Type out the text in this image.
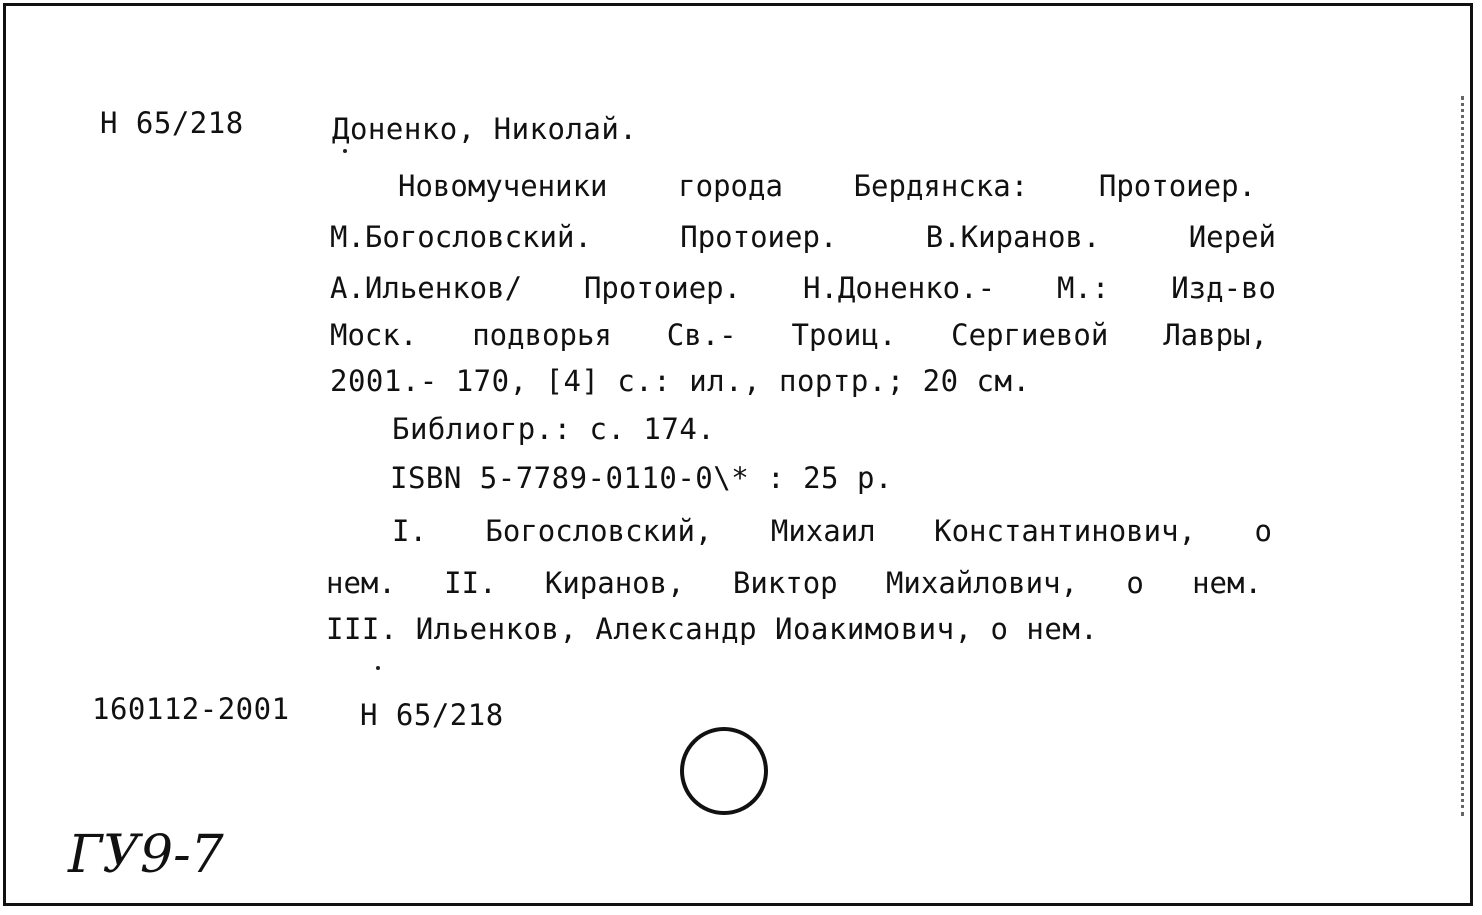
Н 65/218	Доненко, Николай.
Новомученики города Бердянска: Протоиер.
М.Богословский.	Протоиер.	В.Киранов.	Иерей
А.Ильенков/ Протоиер. Н.Доненко.- М.: Изд-во
Моск. подворья Св.- Троиц. Сергиевой Лавры,
2001.- 170, [4] с.: ил., портр.; 20 см.
Библиогр.: с. 174.
ISBN 5-7789-0110-0\* : 25 р.
I. Богословский, Михаил Константинович, о
нем. II. Киранов, Виктор Михайлович, о нем.
III. Ильенков, Александр Иоакимович, о нем.
160112-2001 Н 65/218
ГУ9-7
